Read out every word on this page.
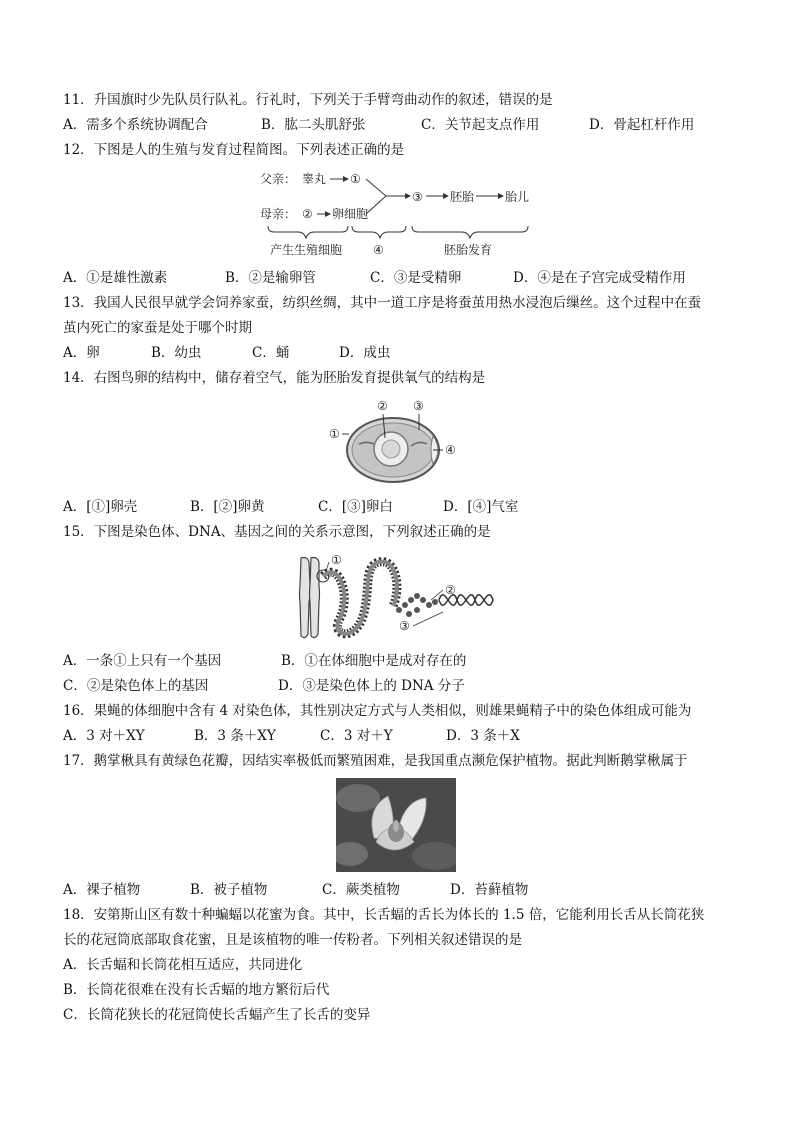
11．升国旗时少先队员行队礼。行礼时，下列关于手臂弯曲动作的叙述，错误的是
A．需多个系统协调配合	B．肱二头肌舒张	C．关节起支点作用	D．骨起杠杆作用
12．下图是人的生殖与发育过程简图。下列表述正确的是
父亲： 睾丸 ①
母亲： ② 卵细胞
③ 胚胎	胎儿
产生生殖细胞	④	胚胎发育
A．①是雄性激素	B．②是输卵管	C．③是受精卵	D．④是在子宫完成受精作用
13．我国人民很早就学会饲养家蚕，纺织丝绸，其中一道工序是将蚕茧用热水浸泡后缫丝。这个过程中在蚕
茧内死亡的家蚕是处于哪个时期
A．卵	B．幼虫	C．蛹	D．成虫
14．右图鸟卵的结构中，储存着空气，能为胚胎发育提供氧气的结构是
①
② ③
④
A．[①]卵壳	B．[②]卵黄	C．[③]卵白	D．[④]气室
15．下图是染色体、DNA、基因之间的关系示意图，下列叙述正确的是
①
②
③
A．一条①上只有一个基因	B．①在体细胞中是成对存在的
C．②是染色体上的基因	D．③是染色体上的 DNA 分子
16．果蝇的体细胞中含有 4 对染色体，其性别决定方式与人类相似，则雄果蝇精子中的染色体组成可能为
A．3 对＋XY	B．3 条＋XY	C．3 对＋Y	D．3 条＋X
17．鹅掌楸具有黄绿色花瓣，因结实率极低而繁殖困难，是我国重点濒危保护植物。据此判断鹅掌楸属于
A．裸子植物	B．被子植物	C．蕨类植物	D．苔藓植物
18．安第斯山区有数十种蝙蝠以花蜜为食。其中，长舌蝠的舌长为体长的 1.5 倍，它能利用长舌从长筒花狭
长的花冠筒底部取食花蜜，且是该植物的唯一传粉者。下列相关叙述错误的是
A．长舌蝠和长筒花相互适应，共同进化
B．长筒花很难在没有长舌蝠的地方繁衍后代
C．长筒花狭长的花冠筒使长舌蝠产生了长舌的变异
